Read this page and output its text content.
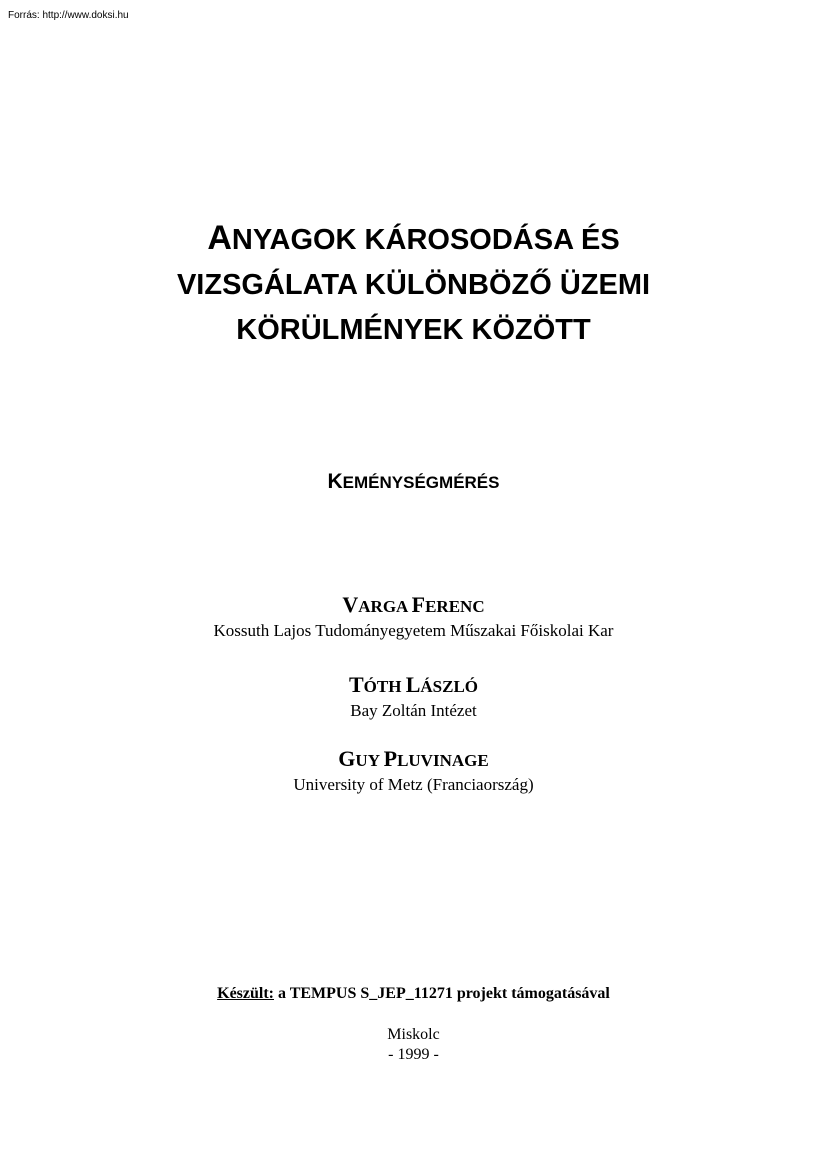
Forrás: http://www.doksi.hu
ANYAGOK KÁROSODÁSA ÉS
VIZSGÁLATA KÜLÖNBÖZŐ ÜZEMI
KÖRÜLMÉNYEK KÖZÖTT
KEMÉNYSÉGMÉRÉS
VARGA FERENC
Kossuth Lajos Tudományegyetem Műszakai Főiskolai Kar
TÓTH LÁSZLÓ
Bay Zoltán Intézet
GUY PLUVINAGE
University of Metz (Franciaország)
Készült: a TEMPUS S_JEP_11271 projekt támogatásával
Miskolc
- 1999 -
